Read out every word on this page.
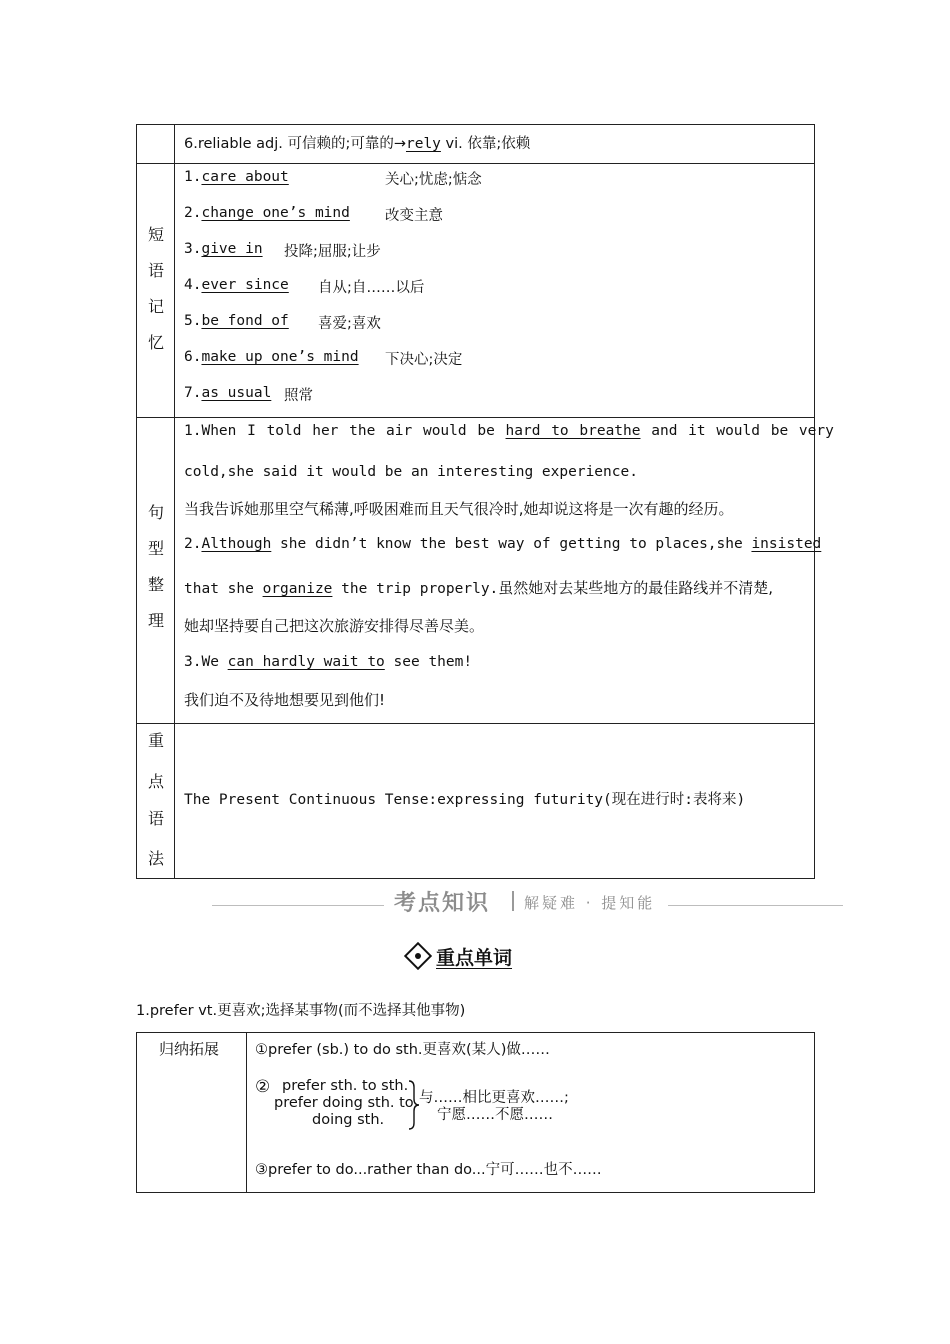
6.reliable adj. 可信赖的;可靠的→rely vi. 依靠;依赖
短
语
记
忆
1.care about	关心;忧虑;惦念
2.change one’s mind 改变主意
3.give in 投降;屈服;让步
4.ever since 自从;自……以后
5.be fond of 喜爱;喜欢
6.make up one’s mind 下决心;决定
7.as usual 照常
句
型
整
理
1.When I told her the air would be hard to breathe and it would be very
cold,she said it would be an interesting experience.
当我告诉她那里空气稀薄,呼吸困难而且天气很冷时,她却说这将是一次有趣的经历。
2.Although she didn’t know the best way of getting to places,she insisted
that she organize the trip properly.虽然她对去某些地方的最佳路线并不清楚,
她却坚持要自己把这次旅游安排得尽善尽美。
3.We can hardly wait to see them!
我们迫不及待地想要见到他们!
重
点
语
法
The Present Continuous Tense:expressing futurity(现在进行时:表将来)
考点知识 解疑难 · 提知能
重点单词
1.prefer vt.更喜欢;选择某事物(而不选择其他事物)
归纳拓展 ①prefer (sb.) to do sth.更喜欢(某人)做……
② prefer sth. to sth.
prefer doing sth. to
doing sth.
与……相比更喜欢……;
宁愿……不愿……
③prefer to do...rather than do...宁可……也不……
